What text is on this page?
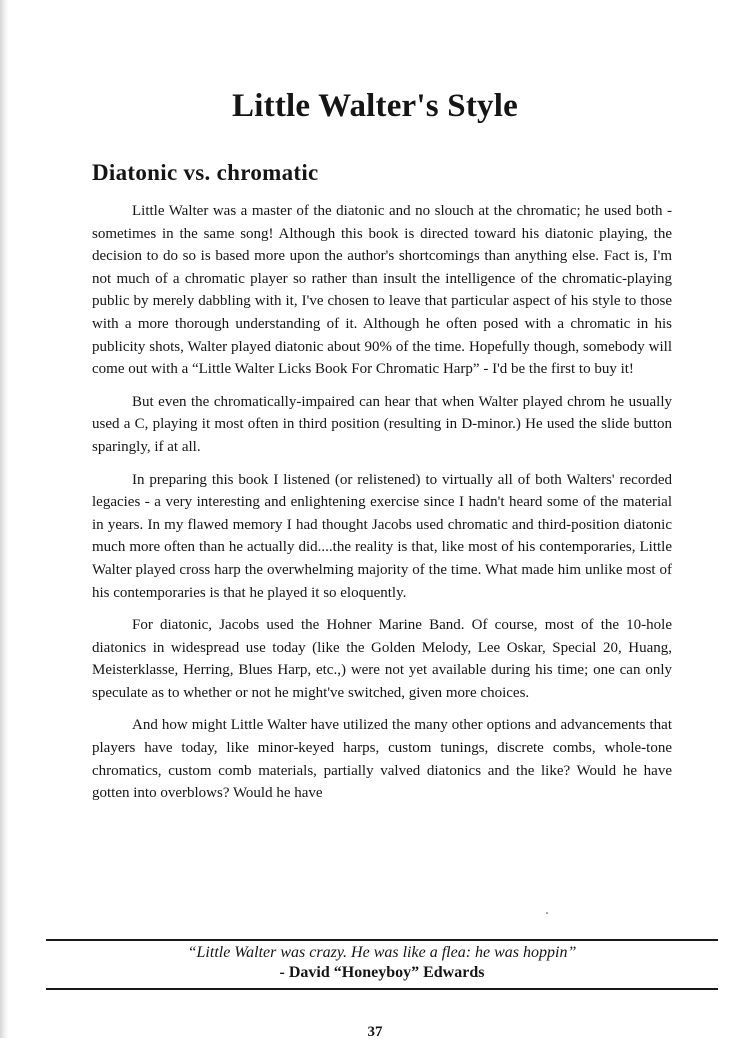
Little Walter's Style
Diatonic vs. chromatic

Little Walter was a master of the diatonic and no slouch at the chromatic; he used both - sometimes in the same song! Although this book is directed toward his diatonic playing, the decision to do so is based more upon the author's shortcomings than anything else. Fact is, I'm not much of a chromatic player so rather than insult the intelligence of the chromatic-playing public by merely dabbling with it, I've chosen to leave that particular aspect of his style to those with a more thorough understanding of it. Although he often posed with a chromatic in his publicity shots, Walter played diatonic about 90% of the time. Hopefully though, somebody will come out with a “Little Walter Licks Book For Chromatic Harp” - I'd be the first to buy it!

But even the chromatically-impaired can hear that when Walter played chrom he usually used a C, playing it most often in third position (resulting in D-minor.) He used the slide button sparingly, if at all.

In preparing this book I listened (or relistened) to virtually all of both Walters' recorded legacies - a very interesting and enlightening exercise since I hadn't heard some of the material in years. In my flawed memory I had thought Jacobs used chromatic and third-position diatonic much more often than he actually did....the reality is that, like most of his contemporaries, Little Walter played cross harp the overwhelming majority of the time. What made him unlike most of his contemporaries is that he played it so eloquently.

For diatonic, Jacobs used the Hohner Marine Band. Of course, most of the 10-hole diatonics in widespread use today (like the Golden Melody, Lee Oskar, Special 20, Huang, Meisterklasse, Herring, Blues Harp, etc.,) were not yet available during his time; one can only speculate as to whether or not he might've switched, given more choices.

And how might Little Walter have utilized the many other options and advancements that players have today, like minor-keyed harps, custom tunings, discrete combs, whole-tone chromatics, custom comb materials, partially valved diatonics and the like? Would he have gotten into overblows? Would he have

“Little Walter was crazy. He was like a flea: he was hoppin”

- David “Honeyboy” Edwards

37
